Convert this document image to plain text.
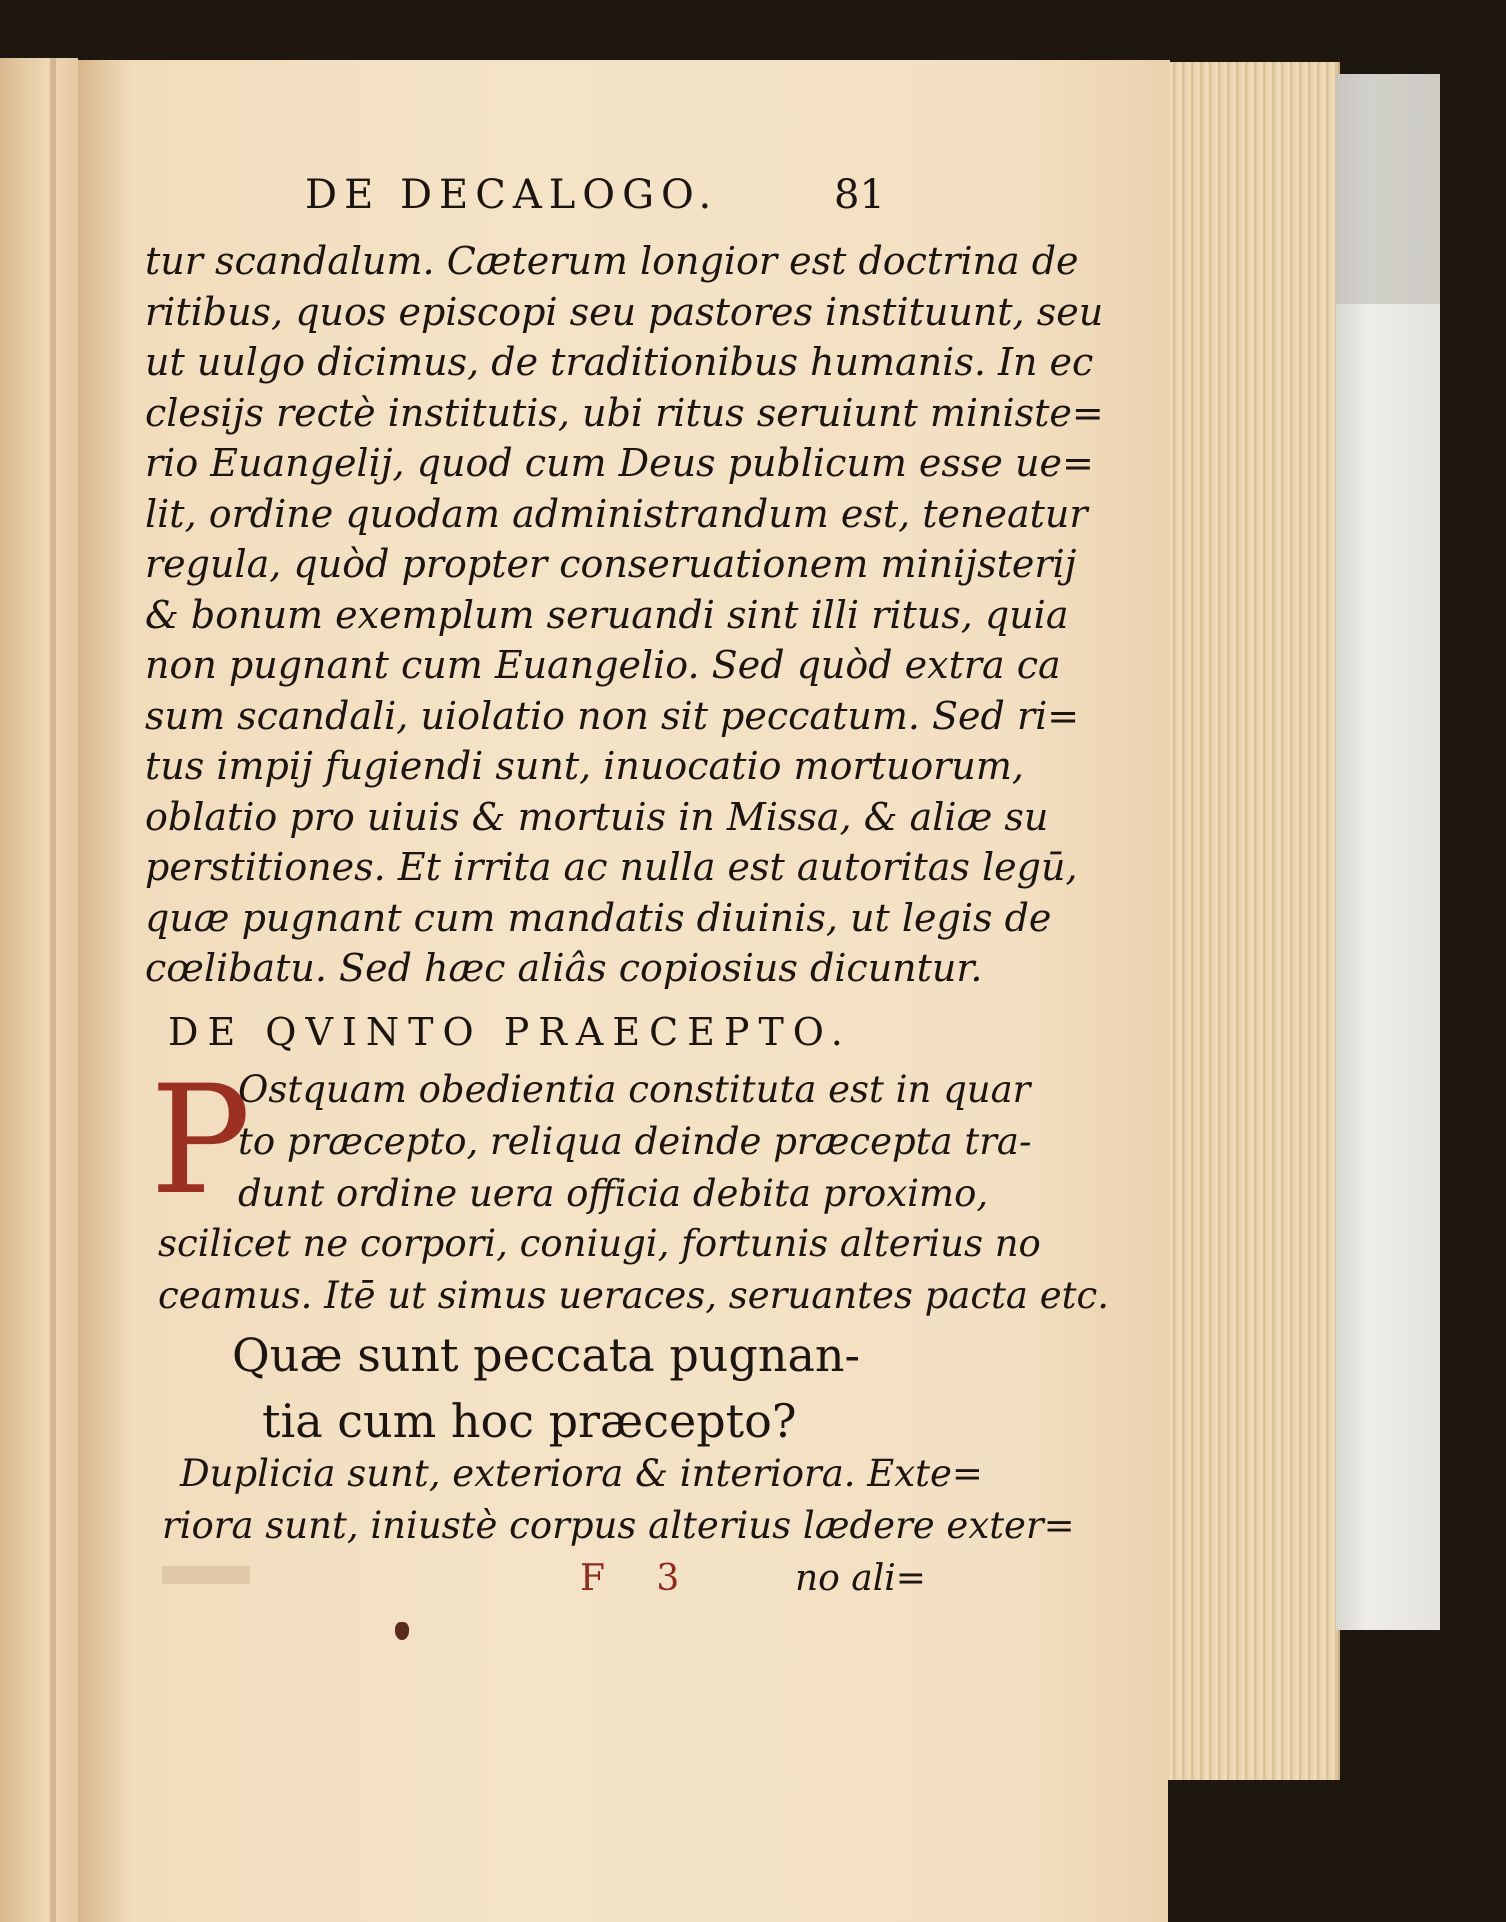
DE DECALOGO.	81
tur scandalum. Cæterum longior est doctrina de
ritibus, quos episcopi seu pastores instituunt, seu
ut uulgo dicimus, de traditionibus humanis. In ec
clesijs rectè institutis, ubi ritus seruiunt ministe=
rio Euangelij, quod cum Deus publicum esse ue=
lit, ordine quodam administrandum est, teneatur
regula, quòd propter conseruationem minijsterij
& bonum exemplum seruandi sint illi ritus, quia
non pugnant cum Euangelio. Sed quòd extra ca
sum scandali, uiolatio non sit peccatum. Sed ri=
tus impij fugiendi sunt, inuocatio mortuorum,
oblatio pro uiuis & mortuis in Missa, & aliæ su
perstitiones. Et irrita ac nulla est autoritas legū,
quæ pugnant cum mandatis diuinis, ut legis de
cœlibatu. Sed hæc aliâs copiosius dicuntur.
DE QVINTO PRAECEPTO.
P
Ostquam obedientia constituta est in quar
to præcepto, reliqua deinde præcepta tra-
dunt ordine uera officia debita proximo,
scilicet ne corpori, coniugi, fortunis alterius no
ceamus. Itē ut simus ueraces, seruantes pacta etc.
Quæ sunt peccata pugnan-
tia cum hoc præcepto?
Duplicia sunt, exteriora & interiora. Exte=
riora sunt, iniustè corpus alterius lædere exter=
F 3	no ali=
